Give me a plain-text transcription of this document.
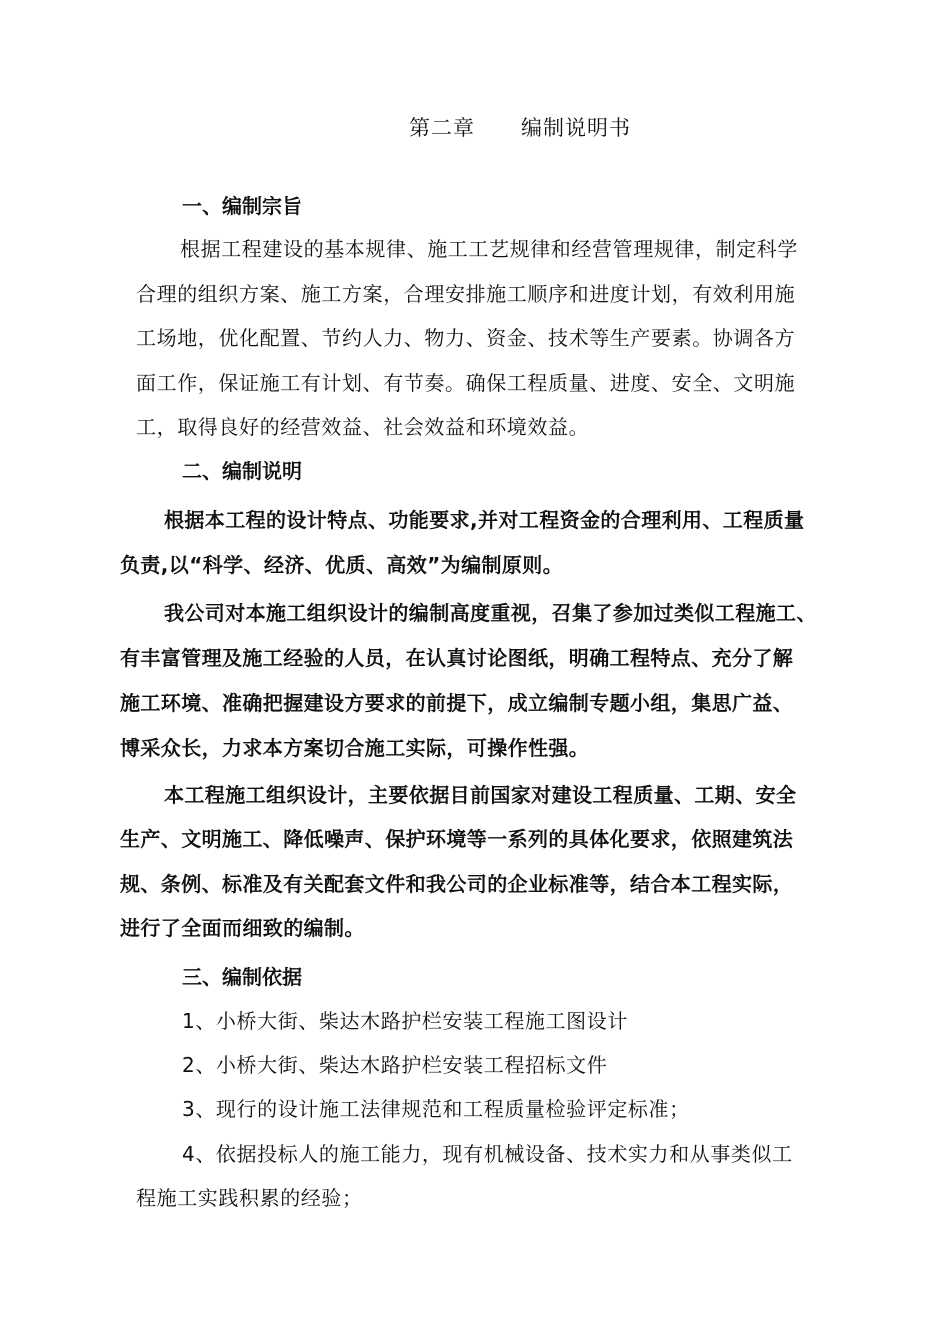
第二章 编制说明书
一、编制宗旨
根据工程建设的基本规律、施工工艺规律和经营管理规律，制定科学
合理的组织方案、施工方案，合理安排施工顺序和进度计划，有效利用施
工场地，优化配置、节约人力、物力、资金、技术等生产要素。协调各方
面工作，保证施工有计划、有节奏。确保工程质量、进度、安全、文明施
工，取得良好的经营效益、社会效益和环境效益。
二、编制说明
根据本工程的设计特点、功能要求,并对工程资金的合理利用、工程质量
负责,以“科学、经济、优质、高效”为编制原则。
我公司对本施工组织设计的编制高度重视，召集了参加过类似工程施工、
有丰富管理及施工经验的人员，在认真讨论图纸，明确工程特点、充分了解
施工环境、准确把握建设方要求的前提下，成立编制专题小组，集思广益、
博采众长，力求本方案切合施工实际，可操作性强。
本工程施工组织设计，主要依据目前国家对建设工程质量、工期、安全
生产、文明施工、降低噪声、保护环境等一系列的具体化要求，依照建筑法
规、条例、标准及有关配套文件和我公司的企业标准等，结合本工程实际，
进行了全面而细致的编制。
三、编制依据
1、小桥大街、柴达木路护栏安装工程施工图设计
2、小桥大街、柴达木路护栏安装工程招标文件
3、现行的设计施工法律规范和工程质量检验评定标准；
4、依据投标人的施工能力，现有机械设备、技术实力和从事类似工
程施工实践积累的经验；
